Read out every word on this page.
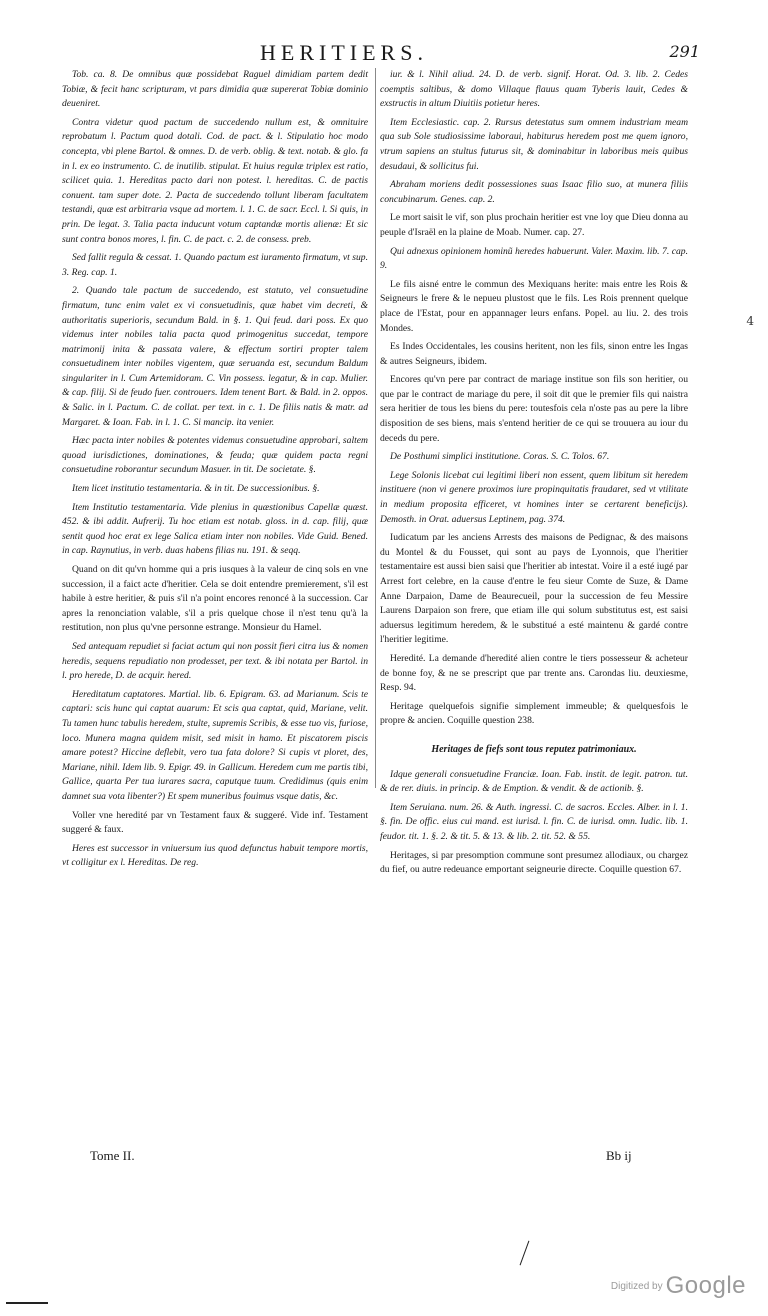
HERITIERS.	291

Tob. ca. 8. De omnibus quæ possidebat Raguel dimidiam partem dedit Tobiæ, & fecit hanc scripturam, vt pars dimidia quæ supererat Tobiæ dominio deueniret.

Contra videtur quod pactum de succedendo nullum est, & omnituire reprobatum l. Pactum quod dotali. Cod. de pact. & l. Stipulatio hoc modo concepta, vbi plene Bartol. & omnes. D. de verb. oblig. & text. notab. & glo. fa in l. ex eo instrumento. C. de inutilib. stipulat. Et huius regulæ triplex est ratio, scilicet quia. 1. Hereditas pacto dari non potest. l. hereditas. C. de pactis conuent. tam super dote. 2. Pacta de succedendo tollunt liberam facultatem testandi, quæ est arbitraria vsque ad mortem. l. 1. C. de sacr. Eccl. l. Si quis, in prin. De legat. 3. Talia pacta inducunt votum captandæ mortis alienæ: Et sic sunt contra bonos mores, l. fin. C. de pact. c. 2. de consess. preb.

Sed fallit regula & cessat. 1. Quando pactum est iuramento firmatum, vt sup. 3. Reg. cap. 1.

2. Quando tale pactum de succedendo, est statuto, vel consuetudine firmatum, tunc enim valet ex vi consuetudinis, quæ habet vim decreti, & authoritatis superioris, secundum Bald. in §. 1. Qui feud. dari poss. Ex quo videmus inter nobiles talia pacta quod primogenitus succedat, tempore matrimonij inita & passata valere, & effectum sortiri propter talem consuetudinem inter nobiles vigentem, quæ seruanda est, secundum Baldum singulariter in l. Cum Artemidoram. C. Vin possess. legatur, & in cap. Mulier. & cap. filij. Si de feudo fuer. controuers. Idem tenent Bart. & Bald. in 2. oppos. & Salic. in l. Pactum. C. de collat. per text. in c. 1. De filiis natis & matr. ad Margaret. & Ioan. Fab. in l. 1. C. Si mancip. ita venier.

Hæc pacta inter nobiles & potentes videmus consuetudine approbari, saltem quoad iurisdictiones, dominationes, & feuda; quæ quidem pacta regni consuetudine roborantur secundum Masuer. in tit. De societate. §.

Item licet institutio testamentaria. & in tit. De successionibus. §.

Item Institutio testamentaria. Vide plenius in quæstionibus Capellæ quæst. 452. & ibi addit. Aufrerij. Tu hoc etiam est notab. gloss. in d. cap. filij, quæ sentit quod hoc erat ex lege Salica etiam inter non nobiles. Vide Guid. Bened. in cap. Raynutius, in verb. duas habens filias nu. 191. & seqq.

Quand on dit qu'vn homme qui a pris iusques à la valeur de cinq sols en vne succession, il a faict acte d'heritier. Cela se doit entendre premierement, s'il est habile à estre heritier, & puis s'il n'a point encores renoncé à la succession. Car apres la renonciation valable, s'il a pris quelque chose il n'est tenu qu'à la restitution, non plus qu'vne personne estrange. Monsieur du Hamel.

Sed antequam repudiet si faciat actum qui non possit fieri citra ius & nomen heredis, sequens repudiatio non prodesset, per text. & ibi notata per Bartol. in l. pro herede, D. de acquir. hered.

Hereditatum captatores. Martial. lib. 6. Epigram. 63. ad Marianum. Scis te captari: scis hunc qui captat auarum: Et scis qua captat, quid, Mariane, velit. Tu tamen hunc tabulis heredem, stulte, supremis Scribis, & esse tuo vis, furiose, loco. Munera magna quidem misit, sed misit in hamo. Et piscatorem piscis amare potest? Hiccine deflebit, vero tua fata dolore? Si cupis vt ploret, des, Mariane, nihil. Idem lib. 9. Epigr. 49. in Gallicum. Heredem cum me partis tibi, Gallice, quarta Per tua iurares sacra, caputque tuum. Credidimus (quis enim damnet sua vota libenter?) Et spem muneribus fouimus vsque datis, &c.

Voller vne heredité par vn Testament faux & suggeré. Vide inf. Testament suggeré & faux.

Heres est successor in vniuersum ius quod defunctus habuit tempore mortis, vt colligitur ex l. Hereditas. De reg.

iur. & l. Nihil aliud. 24. D. de verb. signif. Horat. Od. 3. lib. 2. Cedes coemptis saltibus, & domo Villaque flauus quam Tyberis lauit, Cedes & exstructis in altum Diuitiis potietur heres.

Item Ecclesiastic. cap. 2. Rursus detestatus sum omnem industriam meam qua sub Sole studiosissime laboraui, habiturus heredem post me quem ignoro, vtrum sapiens an stultus futurus sit, & dominabitur in laboribus meis quibus desudaui, & sollicitus fui.

Abraham moriens dedit possessiones suas Isaac filio suo, at munera filiis concubinarum. Genes. cap. 2.

Le mort saisit le vif, son plus prochain heritier est vne loy que Dieu donna au peuple d'Israël en la plaine de Moab. Numer. cap. 27.

Qui adnexus opinionem hominũ heredes habuerunt. Valer. Maxim. lib. 7. cap. 9.

Le fils aisné entre le commun des Mexiquans herite: mais entre les Rois & Seigneurs le frere & le nepueu plustost que le fils. Les Rois prennent quelque place de l'Estat, pour en appannager leurs enfans. Popel. au liu. 2. des trois Mondes.

Es Indes Occidentales, les cousins heritent, non les fils, sinon entre les Ingas & autres Seigneurs, ibidem.

Encores qu'vn pere par contract de mariage institue son fils son heritier, ou que par le contract de mariage du pere, il soit dit que le premier fils qui naistra sera heritier de tous les biens du pere: toutesfois cela n'oste pas au pere la libre disposition de ses biens, mais s'entend heritier de ce qui se trouuera au iour du deceds du pere.

De Posthumi simplici institutione. Coras. S. C. Tolos. 67.

Lege Solonis licebat cui legitimi liberi non essent, quem libitum sit heredem instituere (non vi genere proximos iure propinquitatis fraudaret, sed vt vtilitate in medium proposita efficeret, vt homines inter se certarent beneficijs). Demosth. in Orat. aduersus Leptinem, pag. 374.

Iudicatum par les anciens Arrests des maisons de Pedignac, & des maisons du Montel & du Fousset, qui sont au pays de Lyonnois, que l'heritier testamentaire est aussi bien saisi que l'heritier ab intestat. Voire il a esté iugé par Arrest fort celebre, en la cause d'entre le feu sieur Comte de Suze, & Dame Anne Darpaion, Dame de Beaurecueil, pour la succession de feu Messire Laurens Darpaion son frere, que etiam ille qui solum substitutus est, est saisi aduersus legitimum heredem, & le substitué a esté maintenu & gardé contre l'heritier legitime.

Heredité. La demande d'heredité alien contre le tiers possesseur & acheteur de bonne foy, & ne se prescript que par trente ans. Carondas liu. deuxiesme, Resp. 94.

Heritage quelquefois signifie simplement immeuble; & quelquesfois le propre & ancien. Coquille question 238.

Heritages de fiefs sont tous reputez patrimoniaux.

Idque generali consuetudine Franciæ. Ioan. Fab. instit. de legit. patron. tut. & de rer. diuis. in princip. & de Emption. & vendit. & de actionib. §.

Item Seruiana. num. 26. & Auth. ingressi. C. de sacros. Eccles. Alber. in l. 1. §. fin. De offic. eius cui mand. est iurisd. l. fin. C. de iurisd. omn. Iudic. lib. 1. feudor. tit. 1. §. 2. & tit. 5. & 13. & lib. 2. tit. 52. & 55.

Heritages, si par presomption commune sont presumez allodiaux, ou chargez du fief, ou autre redeuance emportant seigneurie directe. Coquille question 67.

4
Tome II.	Bb ij
$^{Digitized by}$ Google
